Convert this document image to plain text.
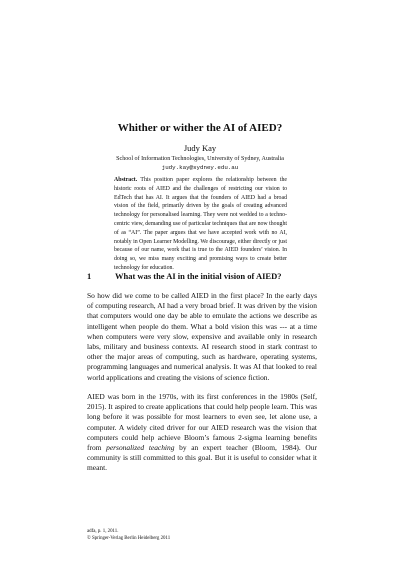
Whither or wither the AI of AIED?
Judy Kay
School of Information Technologies, University of Sydney, Australia
judy.kay@sydney.edu.au
Abstract. This position paper explores the relationship between the historic roots of AIED and the challenges of restricting our vision to EdTech that has AI. It argues that the founders of AIED had a broad vision of the field, primarily driven by the goals of creating advanced technology for personalised learning. They were not wedded to a techno-centric view, demanding use of particular techniques that are now thought of as “AI”. The paper argues that we have accepted work with no AI, notably in Open Learner Modelling. We discourage, either directly or just because of our name, work that is true to the AIED founders’ vision. In doing so, we miss many exciting and promising ways to create better technology for education.
1	What was the AI in the initial vision of AIED?
So how did we come to be called AIED in the first place? In the early days of computing research, AI had a very broad brief. It was driven by the vision that computers would one day be able to emulate the actions we describe as intelligent when people do them. What a bold vision this was --- at a time when computers were very slow, expensive and available only in research labs, military and business contexts. AI research stood in stark contrast to other the major areas of computing, such as hardware, operating systems, programming languages and numerical analysis. It was AI that looked to real world applications and creating the visions of science fiction.
AIED was born in the 1970s, with its first conferences in the 1980s (Self, 2015). It aspired to create applications that could help people learn. This was long before it was possible for most learners to even see, let alone use, a computer. A widely cited driver for our AIED research was the vision that computers could help achieve Bloom’s famous 2-sigma learning benefits from personalized teaching by an expert teacher (Bloom, 1984). Our community is still committed to this goal. But it is useful to consider what it meant.
adfa, p. 1, 2011.
© Springer-Verlag Berlin Heidelberg 2011
